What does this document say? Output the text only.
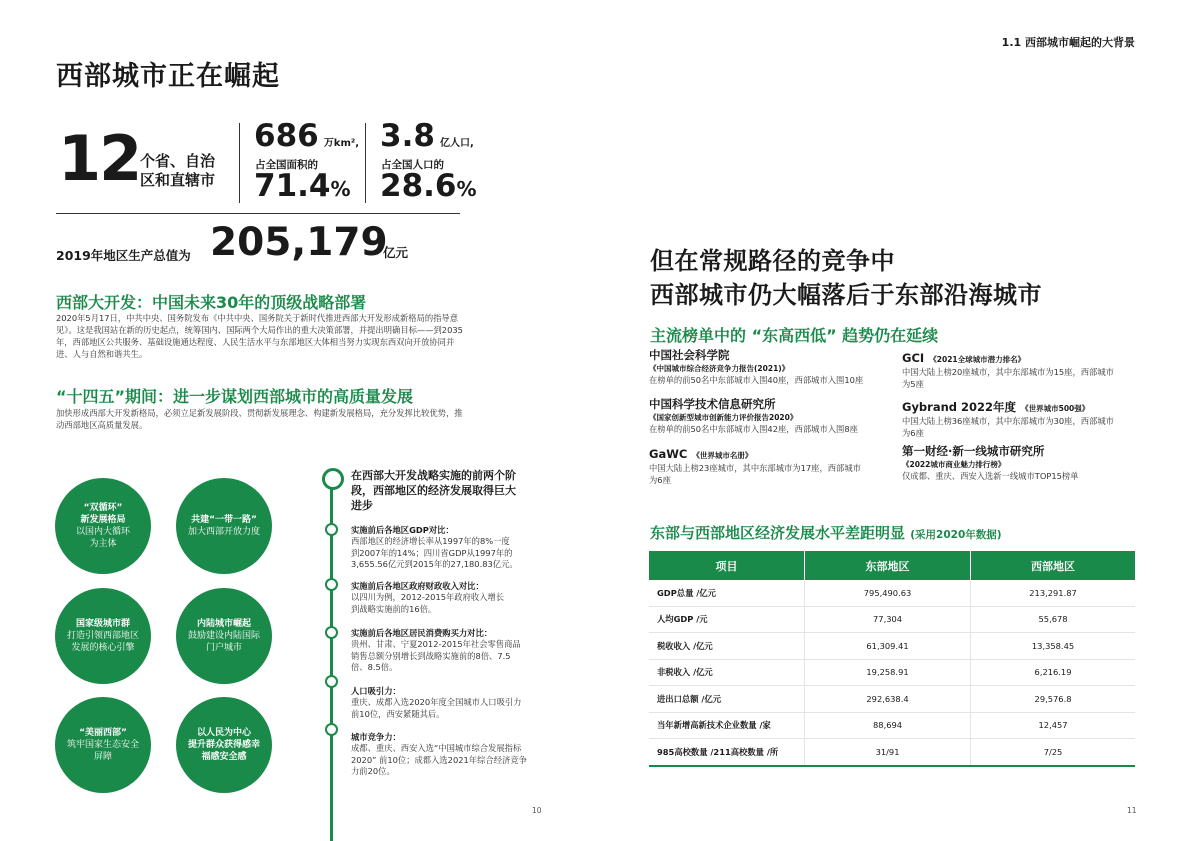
西部城市正在崛起
12 个省、自治
区和直辖市
686 万km²,
占全国面积的
71.4%
3.8 亿人口,
占全国人口的
28.6%
2019年地区生产总值为 205,179
亿元
西部大开发：中国未来30年的顶级战略部署
2020年5月17日，中共中央、国务院发布《中共中央、国务院关于新时代推进西部大开发形成新格局的指导意见》。这是我国站在新的历史起点，统筹国内、国际两个大局作出的重大决策部署，并提出明确目标——到2035年，西部地区公共服务、基础设施通达程度、人民生活水平与东部地区大体相当努力实现东西双向开放协同并进、人与自然和谐共生。
“十四五”期间：进一步谋划西部城市的高质量发展
加快形成西部大开发新格局，必须立足新发展阶段、贯彻新发展理念、构建新发展格局，充分发挥比较优势，推动西部地区高质量发展。
“双循环”
新发展格局
以国内大循环
为主体
共建“一带一路”
加大西部开放力度
国家级城市群
打造引领西部地区
发展的核心引擎
内陆城市崛起
鼓励建设内陆国际
门户城市
“美丽西部”
筑牢国家生态安全
屏障
以人民为中心
提升群众获得感幸
福感安全感
在西部大开发战略实施的前两个阶
段，西部地区的经济发展取得巨大
进步
实施前后各地区GDP对比：
西部地区的经济增长率从1997年的8%一度
到2007年的14%；四川省GDP从1997年的
3,655.56亿元到2015年的27,180.83亿元。
实施前后各地区政府财政收入对比：
以四川为例，2012-2015年政府收入增长
到战略实施前的16倍。
实施前后各地区居民消费购买力对比：
贵州、甘肃、宁夏2012-2015年社会零售商品
销售总额分别增长到战略实施前的8倍、7.5
倍、8.5倍。
人口吸引力：
重庆、成都入选2020年度全国城市人口吸引力
前10位，西安紧随其后。
城市竞争力：
成都、重庆、西安入选“中国城市综合发展指标
2020” 前10位；成都入选2021年综合经济竞争
力前20位。
10
1.1 西部城市崛起的大背景
但在常规路径的竞争中
西部城市仍大幅落后于东部沿海城市
主流榜单中的 “东高西低” 趋势仍在延续
中国社会科学院
《中国城市综合经济竞争力报告(2021)》
在榜单的前50名中东部城市入围40座，西部城市入围10座
中国科学技术信息研究所
《国家创新型城市创新能力评价报告2020》
在榜单的前50名中东部城市入围42座，西部城市入围8座
GaWC 《世界城市名册》
中国大陆上榜23座城市，其中东部城市为17座，西部城市
为6座
GCI 《2021全球城市潜力排名》
中国大陆上榜20座城市，其中东部城市为15座，西部城市
为5座
Gybrand 2022年度 《世界城市500强》
中国大陆上榜36座城市，其中东部城市为30座，西部城市
为6座
第一财经·新一线城市研究所
《2022城市商业魅力排行榜》
仅成都、重庆、西安入选新一线城市TOP15榜单
东部与西部地区经济发展水平差距明显 (采用2020年数据)
项目	东部地区	西部地区
GDP总量 /亿元	795,490.63	213,291.87
人均GDP /元	77,304	55,678
税收收入 /亿元	61,309.41	13,358.45
非税收入 /亿元	19,258.91	6,216.19
进出口总额 /亿元	292,638.4	29,576.8
当年新增高新技术企业数量 /家	88,694	12,457
985高校数量 /211高校数量 /所	31/91	7/25
11
